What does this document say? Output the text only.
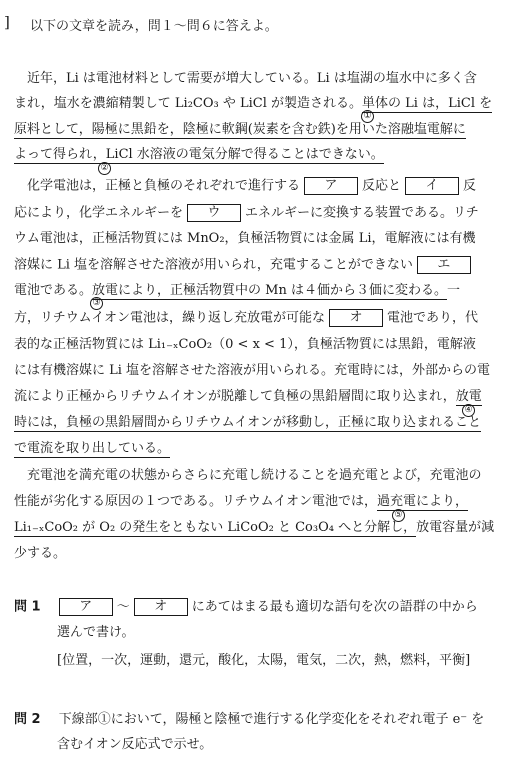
] 以下の文章を読み，問１～問６に答えよ。
　近年，Li は電池材料として需要が増大している。Li は塩湖の塩水中に多く含
まれ，塩水を濃縮精製して Li₂CO₃ や LiCl が製造される。単体の Li は，LiCl を
①
原料として，陽極に黒鉛を，陰極に軟鋼(炭素を含む鉄)を用いた溶融塩電解に
よって得られ，LiCl 水溶液の電気分解で得ることはできない。
②
　化学電池は，正極と負極のそれぞれで進行する ア 反応と イ 反
応により，化学エネルギーを ウ エネルギーに変換する装置である。リチ
ウム電池は，正極活物質には MnO₂，負極活物質には金属 Li，電解液には有機
溶媒に Li 塩を溶解させた溶液が用いられ，充電することができない エ
電池である。放電により，正極活物質中の Mn は４価から３価に変わる。一
③
方，リチウムイオン電池は，繰り返し充放電が可能な オ 電池であり，代
表的な正極活物質には Li₁₋ₓCoO₂（0 < x < 1），負極活物質には黒鉛，電解液
には有機溶媒に Li 塩を溶解させた溶液が用いられる。充電時には，外部からの電
流により正極からリチウムイオンが脱離して負極の黒鉛層間に取り込まれ，放電
時には，負極の黒鉛層間からリチウムイオンが移動し，正極に取り込まれること
④
で電流を取り出している。
　充電池を満充電の状態からさらに充電し続けることを過充電とよび，充電池の
性能が劣化する原因の１つである。リチウムイオン電池では，過充電により，
⑤
Li₁₋ₓCoO₂ が O₂ の発生をともない LiCoO₂ と Co₃O₄ へと分解し，放電容量が減
少する。
問 1	ア ～ オ にあてはまる最も適切な語句を次の語群の中から
選んで書け。
[位置，一次，運動，還元，酸化，太陽，電気，二次，熱，燃料，平衡]
問 2 下線部①において，陽極と陰極で進行する化学変化をそれぞれ電子 e⁻ を
含むイオン反応式で示せ。
